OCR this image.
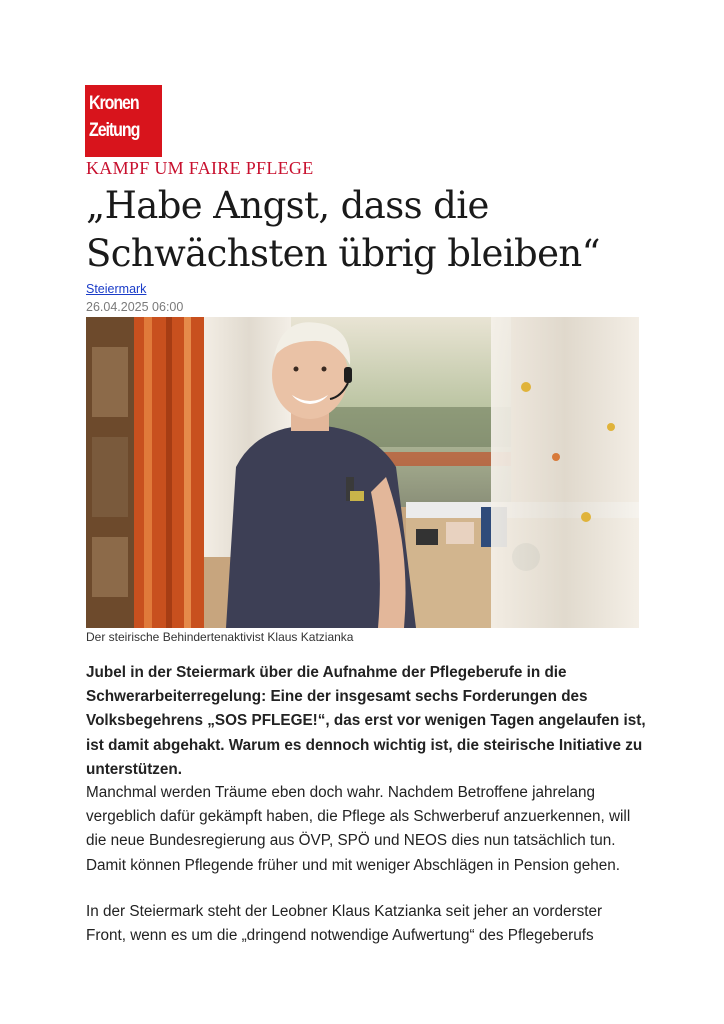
Kronen
Zeitung
KAMPF UM FAIRE PFLEGE
„Habe Angst, dass die Schwächsten übrig bleiben“
Steiermark
26.04.2025 06:00
Der steirische Behindertenaktivist Klaus Katzianka

Jubel in der Steiermark über die Aufnahme der Pflegeberufe in die Schwerarbeiterregelung: Eine der insgesamt sechs Forderungen des Volksbegehrens „SOS PFLEGE!“, das erst vor wenigen Tagen angelaufen ist, ist damit abgehakt. Warum es dennoch wichtig ist, die steirische Initiative zu unterstützen.

Manchmal werden Träume eben doch wahr. Nachdem Betroffene jahrelang vergeblich dafür gekämpft haben, die Pflege als Schwerberuf anzuerkennen, will die neue Bundesregierung aus ÖVP, SPÖ und NEOS dies nun tatsächlich tun. Damit können Pflegende früher und mit weniger Abschlägen in Pension gehen.

In der Steiermark steht der Leobner Klaus Katzianka seit jeher an vorderster Front, wenn es um die „dringend notwendige Aufwertung“ des Pflegeberufs
